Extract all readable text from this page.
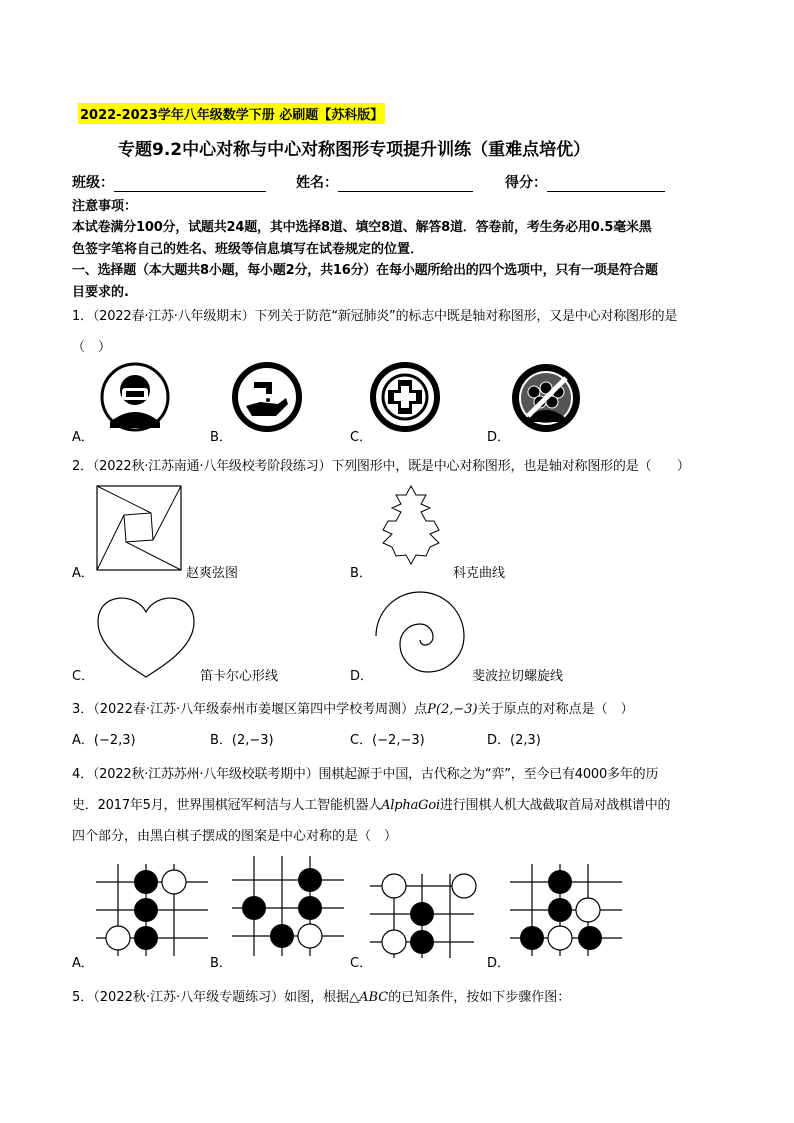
2022-2023学年八年级数学下册 必刷题【苏科版】
专题9.2中心对称与中心对称图形专项提升训练（重难点培优）
班级：	姓名：	得分：
注意事项：
本试卷满分100分，试题共24题，其中选择8道、填空8道、解答8道．答卷前，考生务必用0.5毫米黑
色签字笔将自己的姓名、班级等信息填写在试卷规定的位置．
一、选择题（本大题共8小题，每小题2分，共16分）在每小题所给出的四个选项中，只有一项是符合题
目要求的.
1．（2022春·江苏·八年级期末）下列关于防范“新冠肺炎”的标志中既是轴对称图形，又是中心对称图形的是
（　）
A．	B．	C．	D．
2．（2022秋·江苏南通·八年级校考阶段练习）下列图形中，既是中心对称图形，也是轴对称图形的是（　　）
A．	赵爽弦图	B．	科克曲线
C．	笛卡尔心形线	D．	斐波拉切螺旋线
3．（2022春·江苏·八年级泰州市姜堰区第四中学校考周测）点P(2,−3)关于原点的对称点是（　）
A．(−2,3)	B．(2,−3)	C．(−2,−3)	D．(2,3)
4．（2022秋·江苏苏州·八年级校联考期中）围棋起源于中国，古代称之为“弈”，至今已有4000多年的历
史．2017年5月，世界围棋冠军柯洁与人工智能机器人AlphaGoi进行围棋人机大战截取首局对战棋谱中的
四个部分，由黑白棋子摆成的图案是中心对称的是（　）
A．	B．	C．	D．
5．（2022秋·江苏·八年级专题练习）如图，根据△ABC的已知条件，按如下步骤作图：
